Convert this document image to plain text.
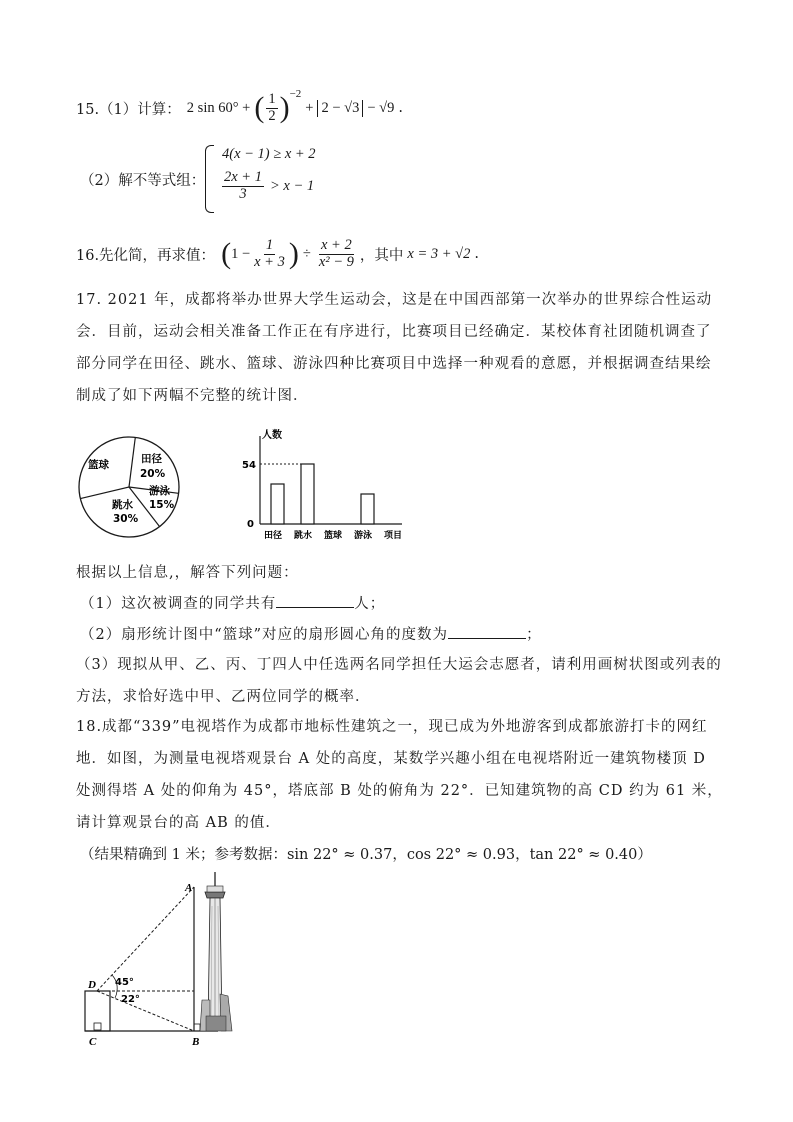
15.（1）计算： 2 sin 60° + ( $\frac{1}{2}$ ) −2
+ 2 − √3 − √9 .
（2）解不等式组：
4(x − 1) ≥ x + 2
$\frac{2x + 1}{3} > x - 1$
16.先化简，再求值： ( $1 - \frac{1}{x + 3}$ ) ÷ $\frac{x + 2}{\text{x² − 9}}$ ，其中 x = 3 + √2 .
17. 2021 年，成都将举办世界大学生运动会，这是在中国西部第一次举办的世界综合性运动会．目前，运动会相关准备工作正在有序进行，比赛项目已经确定．某校体育社团随机调查了部分同学在田径、跳水、篮球、游泳四种比赛项目中选择一种观看的意愿，并根据调查结果绘制成了如下两幅不完整的统计图．
篮球	田径
20%
游泳
15%
跳水
30%
人数
54
0
田径 跳水 篮球 游泳 项目
根据以上信息,，解答下列问题：
（1）这次被调查的同学共有	人；
（2）扇形统计图中“篮球”对应的扇形圆心角的度数为	；
（3）现拟从甲、乙、丙、丁四人中任选两名同学担任大运会志愿者，请利用画树状图或列表的方法，求恰好选中甲、乙两位同学的概率．
18.成都“339”电视塔作为成都市地标性建筑之一，现已成为外地游客到成都旅游打卡的网红地．如图，为测量电视塔观景台 A 处的高度，某数学兴趣小组在电视塔附近一建筑物楼顶 D 处测得塔 A 处的仰角为 45°，塔底部 B 处的俯角为 22°．已知建筑物的高 CD 约为 61 米，请计算观景台的高 AB 的值．
（结果精确到 1 米；参考数据：sin 22° ≈ 0.37，cos 22° ≈ 0.93，tan 22° ≈ 0.40）
A
B
C
D 45°
22°
